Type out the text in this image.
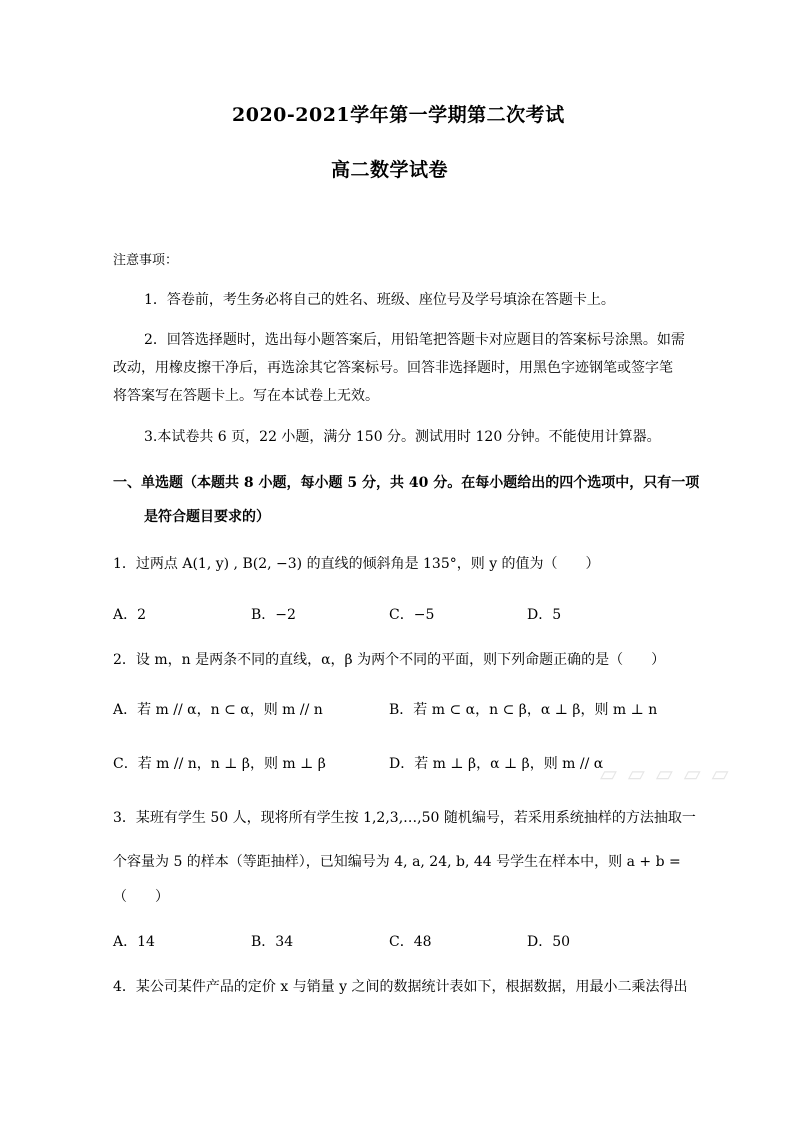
2020-2021学年第一学期第二次考试
高二数学试卷
注意事项：
1．答卷前，考生务必将自己的姓名、班级、座位号及学号填涂在答题卡上。
2．回答选择题时，选出每小题答案后，用铅笔把答题卡对应题目的答案标号涂黑。如需
改动，用橡皮擦干净后，再选涂其它答案标号。回答非选择题时，用黑色字迹钢笔或签字笔
将答案写在答题卡上。写在本试卷上无效。
3.本试卷共 6 页，22 小题，满分 150 分。测试用时 120 分钟。不能使用计算器。
一、单选题（本题共 8 小题，每小题 5 分，共 40 分。在每小题给出的四个选项中，只有一项
是符合题目要求的）
1．过两点 A(1, y) , B(2, −3) 的直线的倾斜角是 135°，则 y 的值为（　　）
A．2	B．−2	C．−5	D．5
2．设 m，n 是两条不同的直线，α，β 为两个不同的平面，则下列命题正确的是（　　）
A．若 m // α，n ⊂ α，则 m // n	B．若 m ⊂ α，n ⊂ β，α ⊥ β，则 m ⊥ n
C．若 m // n，n ⊥ β，则 m ⊥ β	D．若 m ⊥ β，α ⊥ β，则 m // α
▱ ▱ ▱ ▱ ▱
3．某班有学生 50 人，现将所有学生按 1,2,3,…,50 随机编号，若采用系统抽样的方法抽取一
个容量为 5 的样本（等距抽样），已知编号为 4, a, 24, b, 44 号学生在样本中，则 a + b =
（　　）
A．14	B．34	C．48	D．50
4．某公司某件产品的定价 x 与销量 y 之间的数据统计表如下，根据数据，用最小二乘法得出
